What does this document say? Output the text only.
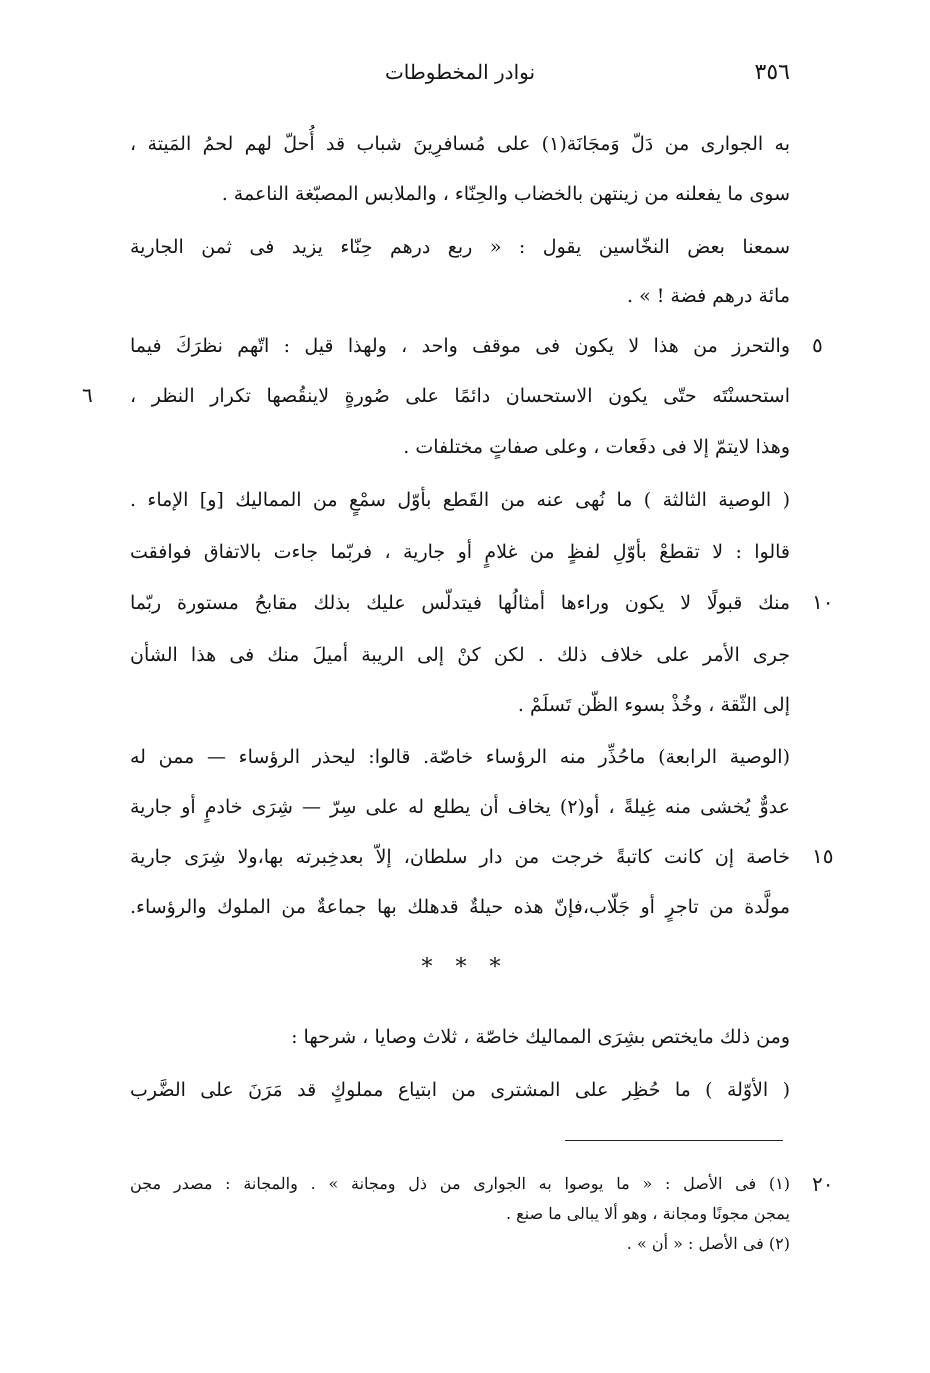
٣٥٦
نوادر المخطوطات
به الجوارى من دَلّ وَمجَانَة(١) على مُسافرِينَ شباب قد أُحلّ لهم لحمُ المَيتة ،
سوى ما يفعلنه من زينتهن بالخضاب والحِنّاء ، والملابس المصبّغة الناعمة .
سمعنا بعض النخّاسين يقول : « ربع درهم حِنّاء يزيد فى ثمن الجارية
مائة درهم فضة ! » .
والتحرز من هذا لا يكون فى موقف واحد ، ولهذا قيل : اتّهم نظرَكَ فيما
استحسنْتَه حتّى يكون الاستحسان دائمًا على صُورةٍ لاينقُصها تكرار النظر ،
وهذا لايتمّ إلا فى دفَعات ، وعلى صفاتٍ مختلفات .
( الوصية الثالثة ) ما نُهى عنه من القَطع بأوّل سمْعٍ من المماليك [و] الإماء .
قالوا : لا تقطعْ بأوّلِ لفظٍ من غلامٍ أو جارية ، فربّما جاءت بالاتفاق فوافقت
منك قبولًا لا يكون وراءها أمثالُها فيتدلّس عليك بذلك مقابحُ مستورة ربّما
جرى الأمر على خلاف ذلك . لكن كنْ إلى الريبة أميلَ منك فى هذا الشأن
إلى الثّقة ، وخُذْ بسوء الظّن تَسلَمْ .
(الوصية الرابعة) ماحُذِّر منه الرؤساء خاصّة. قالوا: ليحذر الرؤساء — ممن له
عدوٌّ يُخشى منه غِيلةً ، أو(٢) يخاف أن يطلع له على سِرّ — شِرَى خادمٍ أو جارية
خاصة إن كانت كاتبةً خرجت من دار سلطان، إلاّ بعدخِبرته بها،ولا شِرَى جارية
مولَّدة من تاجرٍ أو جَلّاب،فإنّ هذه حيلةٌ قدهلك بها جماعةٌ من الملوك والرؤساء.
* * *
ومن ذلك مايختص بشِرَى المماليك خاصّة ، ثلاث وصايا ، شرحها :
( الأوّلة ) ما حُظِر على المشترى من ابتياع مملوكٍ قد مَرَنَ على الضَّرب
٥
٦
١٠
١٥
٢٠
(١) فى الأصل : « ما يوصوا به الجوارى من ذل ومجانة » . والمجانة : مصدر مجن
يمجن مجونًا ومجانة ، وهو ألا يبالى ما صنع .
(٢) فى الأصل : « أن » .
